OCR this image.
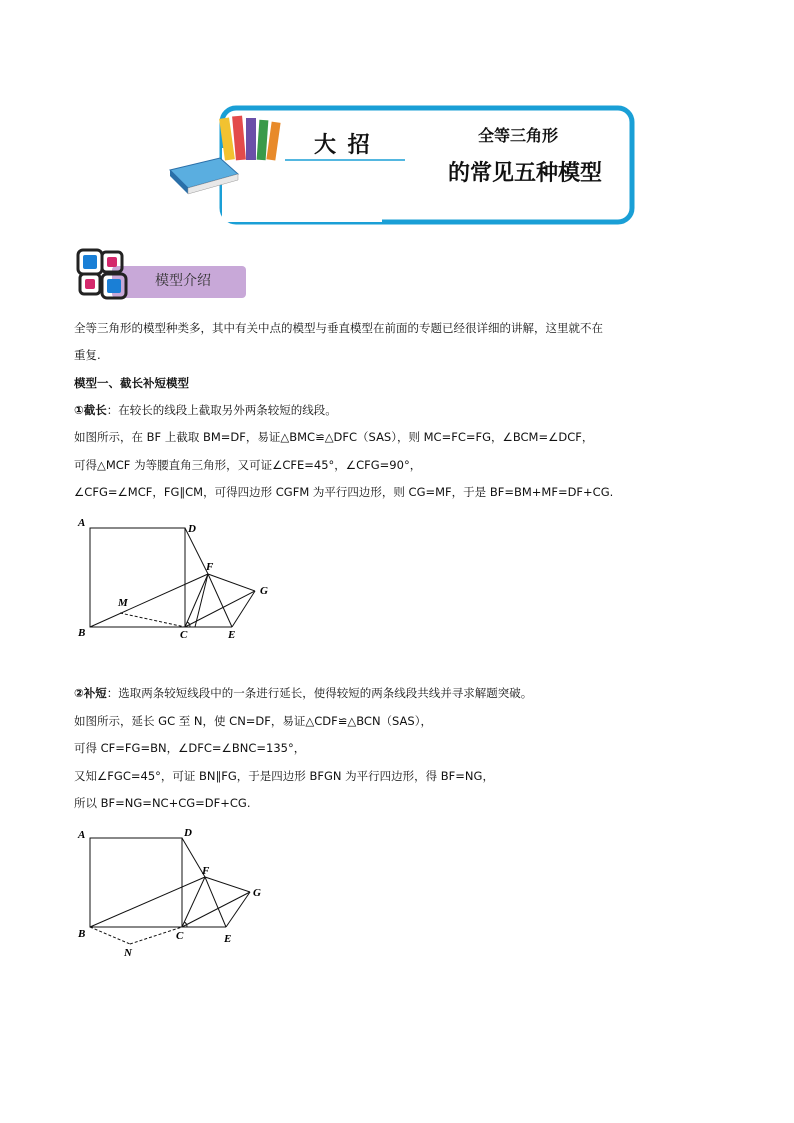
大 招	全等三角形
的常见五种模型
模型介绍
全等三角形的模型种类多，其中有关中点的模型与垂直模型在前面的专题已经很详细的讲解，这里就不在
重复.
模型一、截长补短模型
①截长：在较长的线段上截取另外两条较短的线段。
如图所示，在 BF 上截取 BM=DF，易证△BMC≌△DFC（SAS），则 MC=FC=FG，∠BCM=∠DCF，
可得△MCF 为等腰直角三角形，又可证∠CFE=45°，∠CFG=90°，
∠CFG=∠MCF，FG∥CM，可得四边形 CGFM 为平行四边形，则 CG=MF，于是 BF=BM+MF=DF+CG.
A	D
F
G
M
B	C	E
②补短：选取两条较短线段中的一条进行延长，使得较短的两条线段共线并寻求解题突破。
如图所示，延长 GC 至 N，使 CN=DF，易证△CDF≌△BCN（SAS），
可得 CF=FG=BN，∠DFC=∠BNC=135°，
又知∠FGC=45°，可证 BN∥FG，于是四边形 BFGN 为平行四边形，得 BF=NG，
所以 BF=NG=NC+CG=DF+CG.
A	D
F
G
B	C	E
N
